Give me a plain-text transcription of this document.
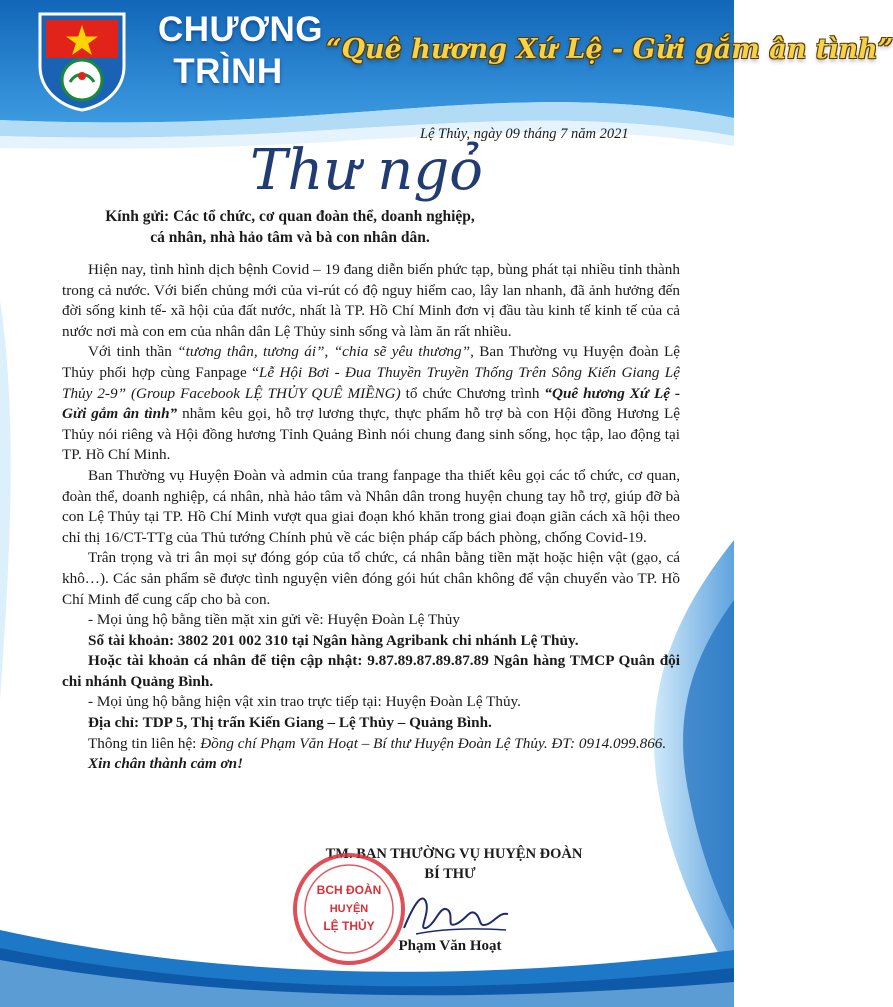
CHƯƠNG
TRÌNH
“Quê hương Xứ Lệ - Gửi gắm ân tình”
Lệ Thủy, ngày 09 tháng 7 năm 2021
Thư ngỏ
Kính gửi: Các tổ chức, cơ quan đoàn thể, doanh nghiệp,
cá nhân, nhà hảo tâm và bà con nhân dân.

Hiện nay, tình hình dịch bệnh Covid – 19 đang diễn biến phức tạp, bùng phát tại nhiều tỉnh thành trong cả nước. Với biến chủng mới của vi-rút có độ nguy hiểm cao, lây lan nhanh, đã ảnh hưởng đến đời sống kinh tế- xã hội của đất nước, nhất là TP. Hồ Chí Minh đơn vị đầu tàu kinh tế kinh tế của cả nước nơi mà con em của nhân dân Lệ Thủy sinh sống và làm ăn rất nhiều.

Với tinh thần “tương thân, tương ái”, “chia sẽ yêu thương”, Ban Thường vụ Huyện đoàn Lệ Thủy phối hợp cùng Fanpage “Lễ Hội Bơi - Đua Thuyền Truyền Thống Trên Sông Kiến Giang Lệ Thủy 2-9” (Group Facebook LỆ THỦY QUÊ MIỀNG) tổ chức Chương trình “Quê hương Xứ Lệ - Gửi gắm ân tình” nhằm kêu gọi, hỗ trợ lương thực, thực phẩm hỗ trợ bà con Hội đồng Hương Lệ Thủy nói riêng và Hội đồng hương Tỉnh Quảng Bình nói chung đang sinh sống, học tập, lao động tại TP. Hồ Chí Minh.

Ban Thường vụ Huyện Đoàn và admin của trang fanpage tha thiết kêu gọi các tổ chức, cơ quan, đoàn thể, doanh nghiệp, cá nhân, nhà hảo tâm và Nhân dân trong huyện chung tay hỗ trợ, giúp đỡ bà con Lệ Thủy tại TP. Hồ Chí Minh vượt qua giai đoạn khó khăn trong giai đoạn giãn cách xã hội theo chỉ thị 16/CT-TTg của Thủ tướng Chính phủ về các biện pháp cấp bách phòng, chống Covid-19.

Trân trọng và tri ân mọi sự đóng góp của tổ chức, cá nhân bằng tiền mặt hoặc hiện vật (gạo, cá khô…). Các sản phẩm sẽ được tình nguyện viên đóng gói hút chân không để vận chuyển vào TP. Hồ Chí Minh để cung cấp cho bà con.

- Mọi ủng hộ bằng tiền mặt xin gửi về: Huyện Đoàn Lệ Thủy

Số tài khoản: 3802 201 002 310 tại Ngân hàng Agribank chi nhánh Lệ Thủy.

Hoặc tài khoản cá nhân để tiện cập nhật: 9.87.89.87.89.87.89 Ngân hàng TMCP Quân đội chi nhánh Quảng Bình.

- Mọi ủng hộ bằng hiện vật xin trao trực tiếp tại: Huyện Đoàn Lệ Thủy.

Địa chỉ: TDP 5, Thị trấn Kiến Giang – Lệ Thủy – Quảng Bình.

Thông tin liên hệ: Đồng chí Phạm Văn Hoạt – Bí thư Huyện Đoàn Lệ Thủy. ĐT: 0914.099.866.

Xin chân thành cảm ơn!

TM. BAN THƯỜNG VỤ HUYỆN ĐOÀN
BÍ THƯ
BCH ĐOÀN
HUYỆN
LỆ THỦY
Phạm Văn Hoạt
